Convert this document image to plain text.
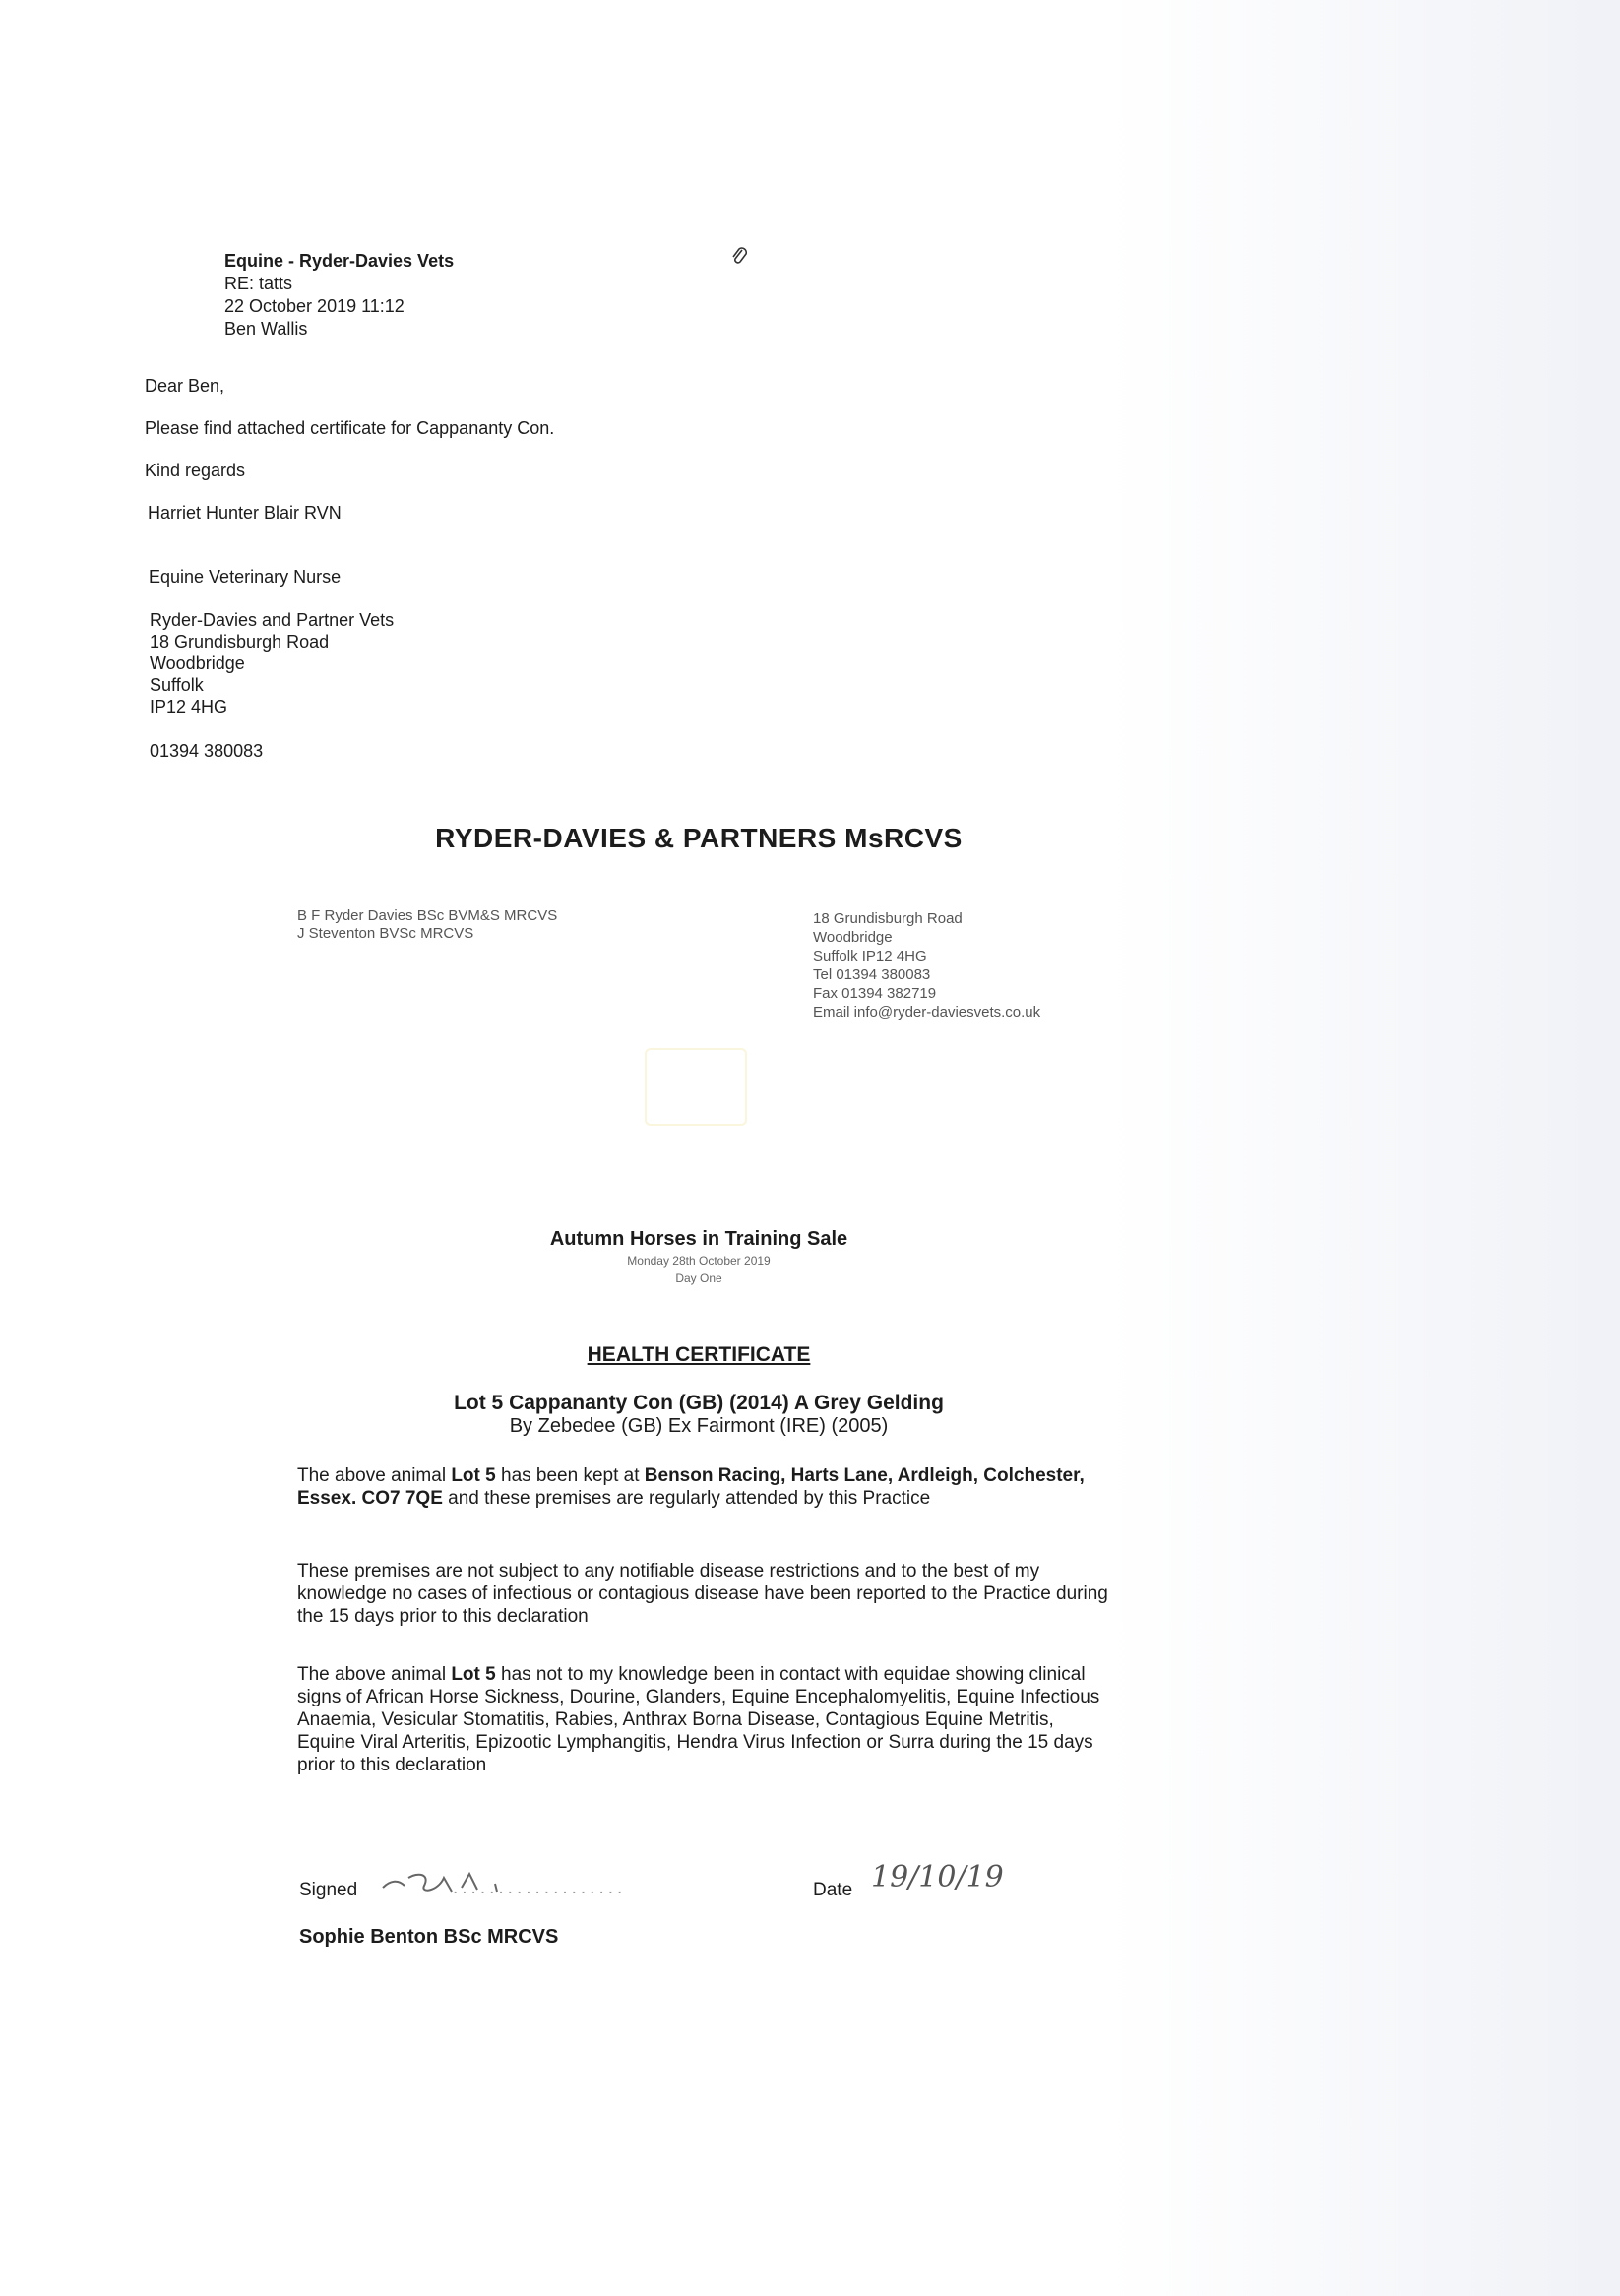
Equine - Ryder-Davies Vets
RE: tatts
22 October 2019 11:12
Ben Wallis
Dear Ben,
Please find attached certificate for Cappananty Con.
Kind regards
Harriet Hunter Blair RVN
Equine Veterinary Nurse
Ryder-Davies and Partner Vets
18 Grundisburgh Road
Woodbridge
Suffolk
IP12 4HG
01394 380083
RYDER-DAVIES & PARTNERS MsRCVS
B F Ryder Davies BSc BVM&S MRCVS
J Steventon BVSc MRCVS
18 Grundisburgh Road
Woodbridge
Suffolk IP12 4HG
Tel 01394 380083
Fax 01394 382719
Email info@ryder-daviesvets.co.uk
Autumn Horses in Training Sale
Monday 28th October 2019
Day One
HEALTH CERTIFICATE
Lot 5 Cappananty Con (GB) (2014) A Grey Gelding
By Zebedee (GB) Ex Fairmont (IRE) (2005)
The above animal Lot 5 has been kept at Benson Racing, Harts Lane, Ardleigh, Colchester, Essex. CO7 7QE and these premises are regularly attended by this Practice
These premises are not subject to any notifiable disease restrictions and to the best of my knowledge no cases of infectious or contagious disease have been reported to the Practice during the 15 days prior to this declaration
The above animal Lot 5 has not to my knowledge been in contact with equidae showing clinical signs of African Horse Sickness, Dourine, Glanders, Equine Encephalomyelitis, Equine Infectious Anaemia, Vesicular Stomatitis, Rabies, Anthrax Borna Disease, Contagious Equine Metritis, Equine Viral Arteritis, Epizootic Lymphangitis, Hendra Virus Infection or Surra during the 15 days prior to this declaration
Signed	...................	Date 19/10/19
Sophie Benton BSc MRCVS
